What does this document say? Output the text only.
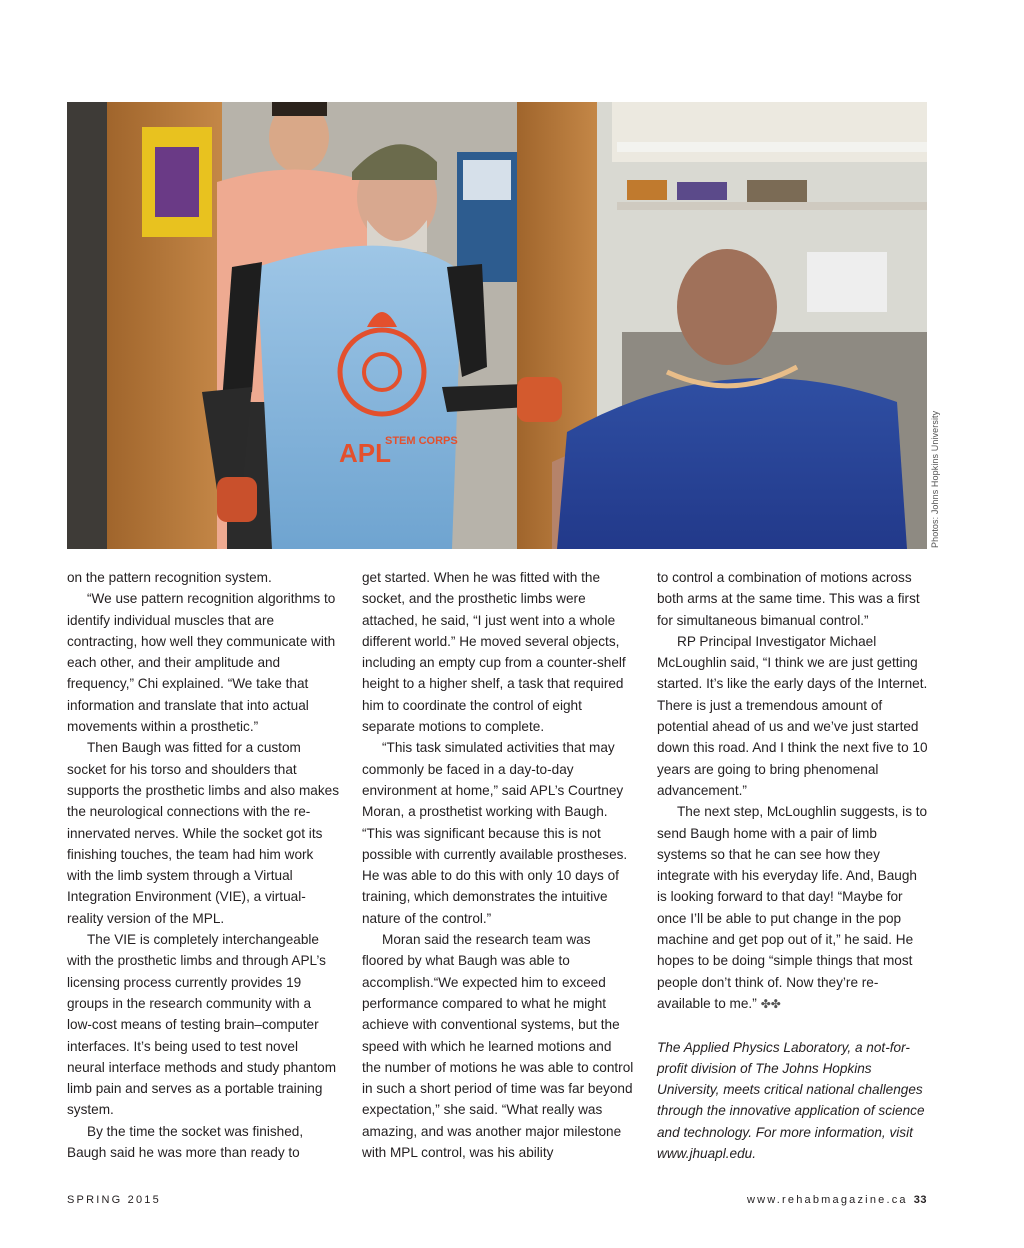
APL
STEM CORPS	Photos: Johns Hopkins University

on the pattern recognition system.

“We use pattern recognition algorithms to identify individual muscles that are contracting, how well they communicate with each other, and their amplitude and frequency,” Chi explained. “We take that information and translate that into actual movements within a prosthetic.”

Then Baugh was fitted for a custom socket for his torso and shoulders that supports the prosthetic limbs and also makes the neurological connections with the re-innervated nerves. While the socket got its finishing touches, the team had him work with the limb system through a Virtual Integration Environment (VIE), a virtual-reality version of the MPL.

The VIE is completely interchangeable with the prosthetic limbs and through APL’s licensing process currently provides 19 groups in the research community with a low-cost means of testing brain–computer interfaces. It’s being used to test novel neural interface methods and study phantom limb pain and serves as a portable training system.

By the time the socket was finished, Baugh said he was more than ready to

get started. When he was fitted with the socket, and the prosthetic limbs were attached, he said, “I just went into a whole different world.” He moved several objects, including an empty cup from a counter-shelf height to a higher shelf, a task that required him to coordinate the control of eight separate motions to complete.

“This task simulated activities that may commonly be faced in a day-to-day environment at home,” said APL’s Courtney Moran, a prosthetist working with Baugh. “This was significant because this is not possible with currently available prostheses. He was able to do this with only 10 days of training, which demonstrates the intuitive nature of the control.”

Moran said the research team was floored by what Baugh was able to accomplish.“We expected him to exceed performance compared to what he might achieve with conventional systems, but the speed with which he learned motions and the number of motions he was able to control in such a short period of time was far beyond expectation,” she said. “What really was amazing, and was another major milestone with MPL control, was his ability

to control a combination of motions across both arms at the same time. This was a first for simultaneous bimanual control.”

RP Principal Investigator Michael McLoughlin said, “I think we are just getting started. It’s like the early days of the Internet. There is just a tremendous amount of potential ahead of us and we’ve just started down this road. And I think the next five to 10 years are going to bring phenomenal advancement.”

The next step, McLoughlin suggests, is to send Baugh home with a pair of limb systems so that he can see how they integrate with his everyday life. And, Baugh is looking forward to that day! “Maybe for once I’ll be able to put change in the pop machine and get pop out of it,” he said. He hopes to be doing “simple things that most people don’t think of. Now they’re re-available to me.” ✤✤

The Applied Physics Laboratory, a not-for-profit division of The Johns Hopkins University, meets critical national challenges through the innovative application of science and technology. For more information, visit www.jhuapl.edu.

SPRING 2015	www.rehabmagazine.ca 33
